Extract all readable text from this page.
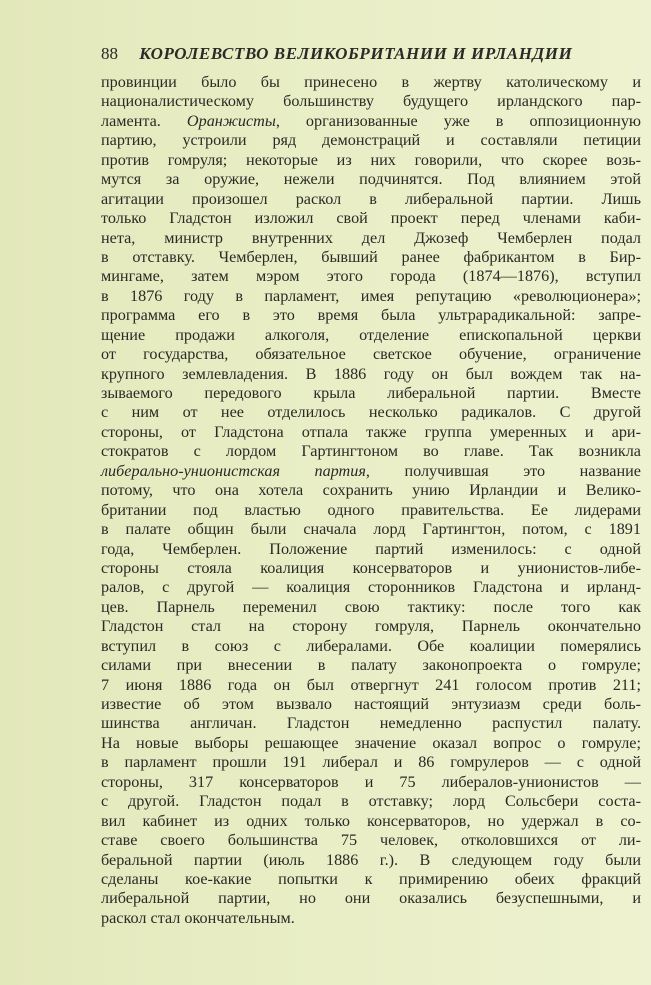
88 КОРОЛЕВСТВО ВЕЛИКОБРИТАНИИ И ИРЛАНДИИ
провинции было бы принесено в жертву католическому и
националистическому большинству будущего ирландского пар-
ламента. Оранжисты, организованные уже в оппозиционную
партию, устроили ряд демонстраций и составляли петиции
против гомруля; некоторые из них говорили, что скорее возь-
мутся за оружие, нежели подчинятся. Под влиянием этой
агитации произошел раскол в либеральной партии. Лишь
только Гладстон изложил свой проект перед членами каби-
нета, министр внутренних дел Джозеф Чемберлен подал
в отставку. Чемберлен, бывший ранее фабрикантом в Бир-
мингаме, затем мэром этого города (1874—1876), вступил
в 1876 году в парламент, имея репутацию «революционера»;
программа его в это время была ультрарадикальной: запре-
щение продажи алкоголя, отделение епископальной церкви
от государства, обязательное светское обучение, ограничение
крупного землевладения. В 1886 году он был вождем так на-
зываемого передового крыла либеральной партии. Вместе
с ним от нее отделилось несколько радикалов. С другой
стороны, от Гладстона отпала также группа умеренных и ари-
стократов с лордом Гартингтоном во главе. Так возникла
либерально-унионистская партия, получившая это название
потому, что она хотела сохранить унию Ирландии и Велико-
британии под властью одного правительства. Ее лидерами
в палате общин были сначала лорд Гартингтон, потом, с 1891
года, Чемберлен. Положение партий изменилось: с одной
стороны стояла коалиция консерваторов и унионистов-либе-
ралов, с другой — коалиция сторонников Гладстона и ирланд-
цев. Парнель переменил свою тактику: после того как
Гладстон стал на сторону гомруля, Парнель окончательно
вступил в союз с либералами. Обе коалиции померялись
силами при внесении в палату законопроекта о гомруле;
7 июня 1886 года он был отвергнут 241 голосом против 211;
известие об этом вызвало настоящий энтузиазм среди боль-
шинства англичан. Гладстон немедленно распустил палату.
На новые выборы решающее значение оказал вопрос о гомруле;
в парламент прошли 191 либерал и 86 гомрулеров — с одной
стороны, 317 консерваторов и 75 либералов-унионистов —
с другой. Гладстон подал в отставку; лорд Сольсбери соста-
вил кабинет из одних только консерваторов, но удержал в со-
ставе своего большинства 75 человек, отколовшихся от ли-
беральной партии (июль 1886 г.). В следующем году были
сделаны кое-какие попытки к примирению обеих фракций
либеральной партии, но они оказались безуспешными, и
раскол стал окончательным.
